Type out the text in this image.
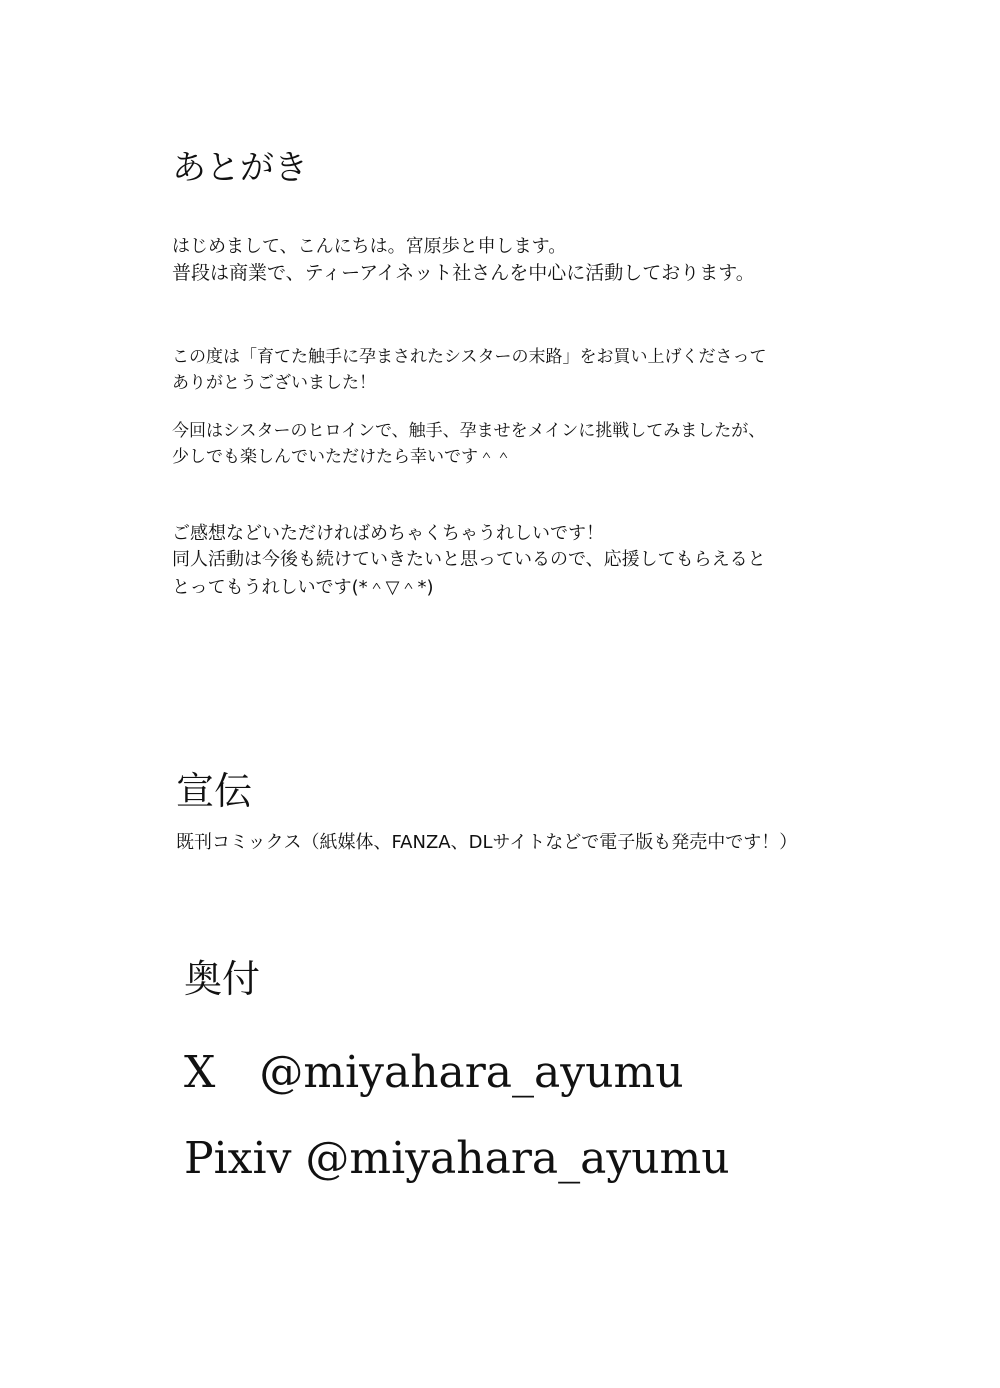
あとがき

はじめまして、こんにちは。宮原歩と申します。

普段は商業で、ティーアイネット社さんを中心に活動しております。

この度は「育てた触手に孕まされたシスターの末路」をお買い上げくださって

ありがとうございました！

今回はシスターのヒロインで、触手、孕ませをメインに挑戦してみましたが、

少しでも楽しんでいただけたら幸いです＾＾

ご感想などいただければめちゃくちゃうれしいです！

同人活動は今後も続けていきたいと思っているので、応援してもらえると

とってもうれしいです(*＾▽＾*)

宣伝

既刊コミックス（紙媒体、FANZA、DLサイトなどで電子版も発売中です！）

奥付

X　@miyahara_ayumu

Pixiv @miyahara_ayumu
